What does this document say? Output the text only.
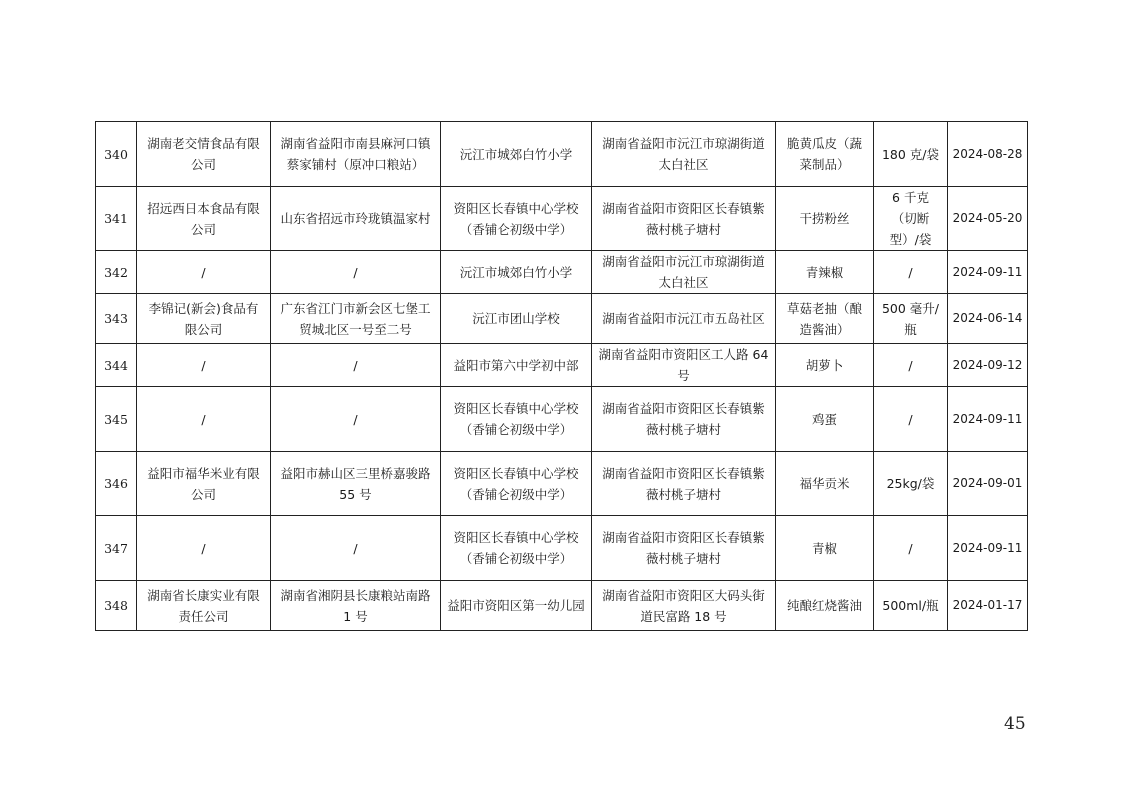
340	湖南老交情食品有限公司	湖南省益阳市南县麻河口镇蔡家铺村（原冲口粮站）	沅江市城郊白竹小学	湖南省益阳市沅江市琼湖街道太白社区	脆黄瓜皮（蔬菜制品）	180 克/袋	2024-08-28
341	招远西日本食品有限公司	山东省招远市玲珑镇温家村	资阳区长春镇中心学校（香铺仑初级中学）	湖南省益阳市资阳区长春镇紫薇村桃子塘村	干捞粉丝	6 千克（切断型）/袋	2024-05-20
342	/	/	沅江市城郊白竹小学	湖南省益阳市沅江市琼湖街道太白社区	青辣椒	/	2024-09-11
343	李锦记(新会)食品有限公司	广东省江门市新会区七堡工贸城北区一号至二号	沅江市团山学校	湖南省益阳市沅江市五岛社区	草菇老抽（酿造酱油）	500 毫升/瓶	2024-06-14
344	/	/	益阳市第六中学初中部	湖南省益阳市资阳区工人路 64 号	胡萝卜	/	2024-09-12
345	/	/	资阳区长春镇中心学校（香铺仑初级中学）	湖南省益阳市资阳区长春镇紫薇村桃子塘村	鸡蛋	/	2024-09-11
346	益阳市福华米业有限公司	益阳市赫山区三里桥嘉骏路 55 号	资阳区长春镇中心学校（香铺仑初级中学）	湖南省益阳市资阳区长春镇紫薇村桃子塘村	福华贡米	25kg/袋	2024-09-01
347	/	/	资阳区长春镇中心学校（香铺仑初级中学）	湖南省益阳市资阳区长春镇紫薇村桃子塘村	青椒	/	2024-09-11
348	湖南省长康实业有限责任公司	湖南省湘阴县长康粮站南路 1 号	益阳市资阳区第一幼儿园	湖南省益阳市资阳区大码头街道民富路 18 号	纯酿红烧酱油	500ml/瓶	2024-01-17
45
